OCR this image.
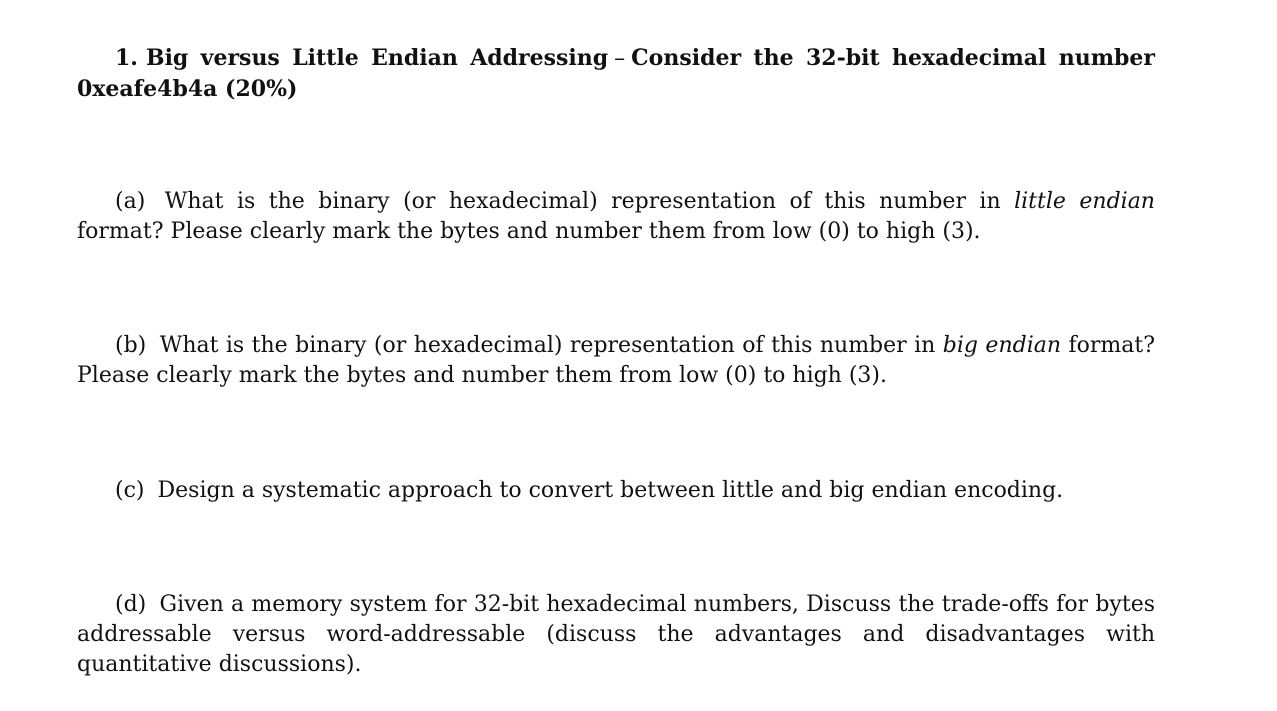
1. Big versus Little Endian Addressing – Consider the 32-bit hexadecimal number 0xeafe4b4a (20%)
(a) What is the binary (or hexadecimal) representation of this number in little endian format? Please clearly mark the bytes and number them from low (0) to high (3).
(b) What is the binary (or hexadecimal) representation of this number in big endian format? Please clearly mark the bytes and number them from low (0) to high (3).
(c) Design a systematic approach to convert between little and big endian encoding.
(d) Given a memory system for 32-bit hexadecimal numbers, Discuss the trade-offs for bytes addressable versus word-addressable (discuss the advantages and disadvantages with quantitative discussions).
